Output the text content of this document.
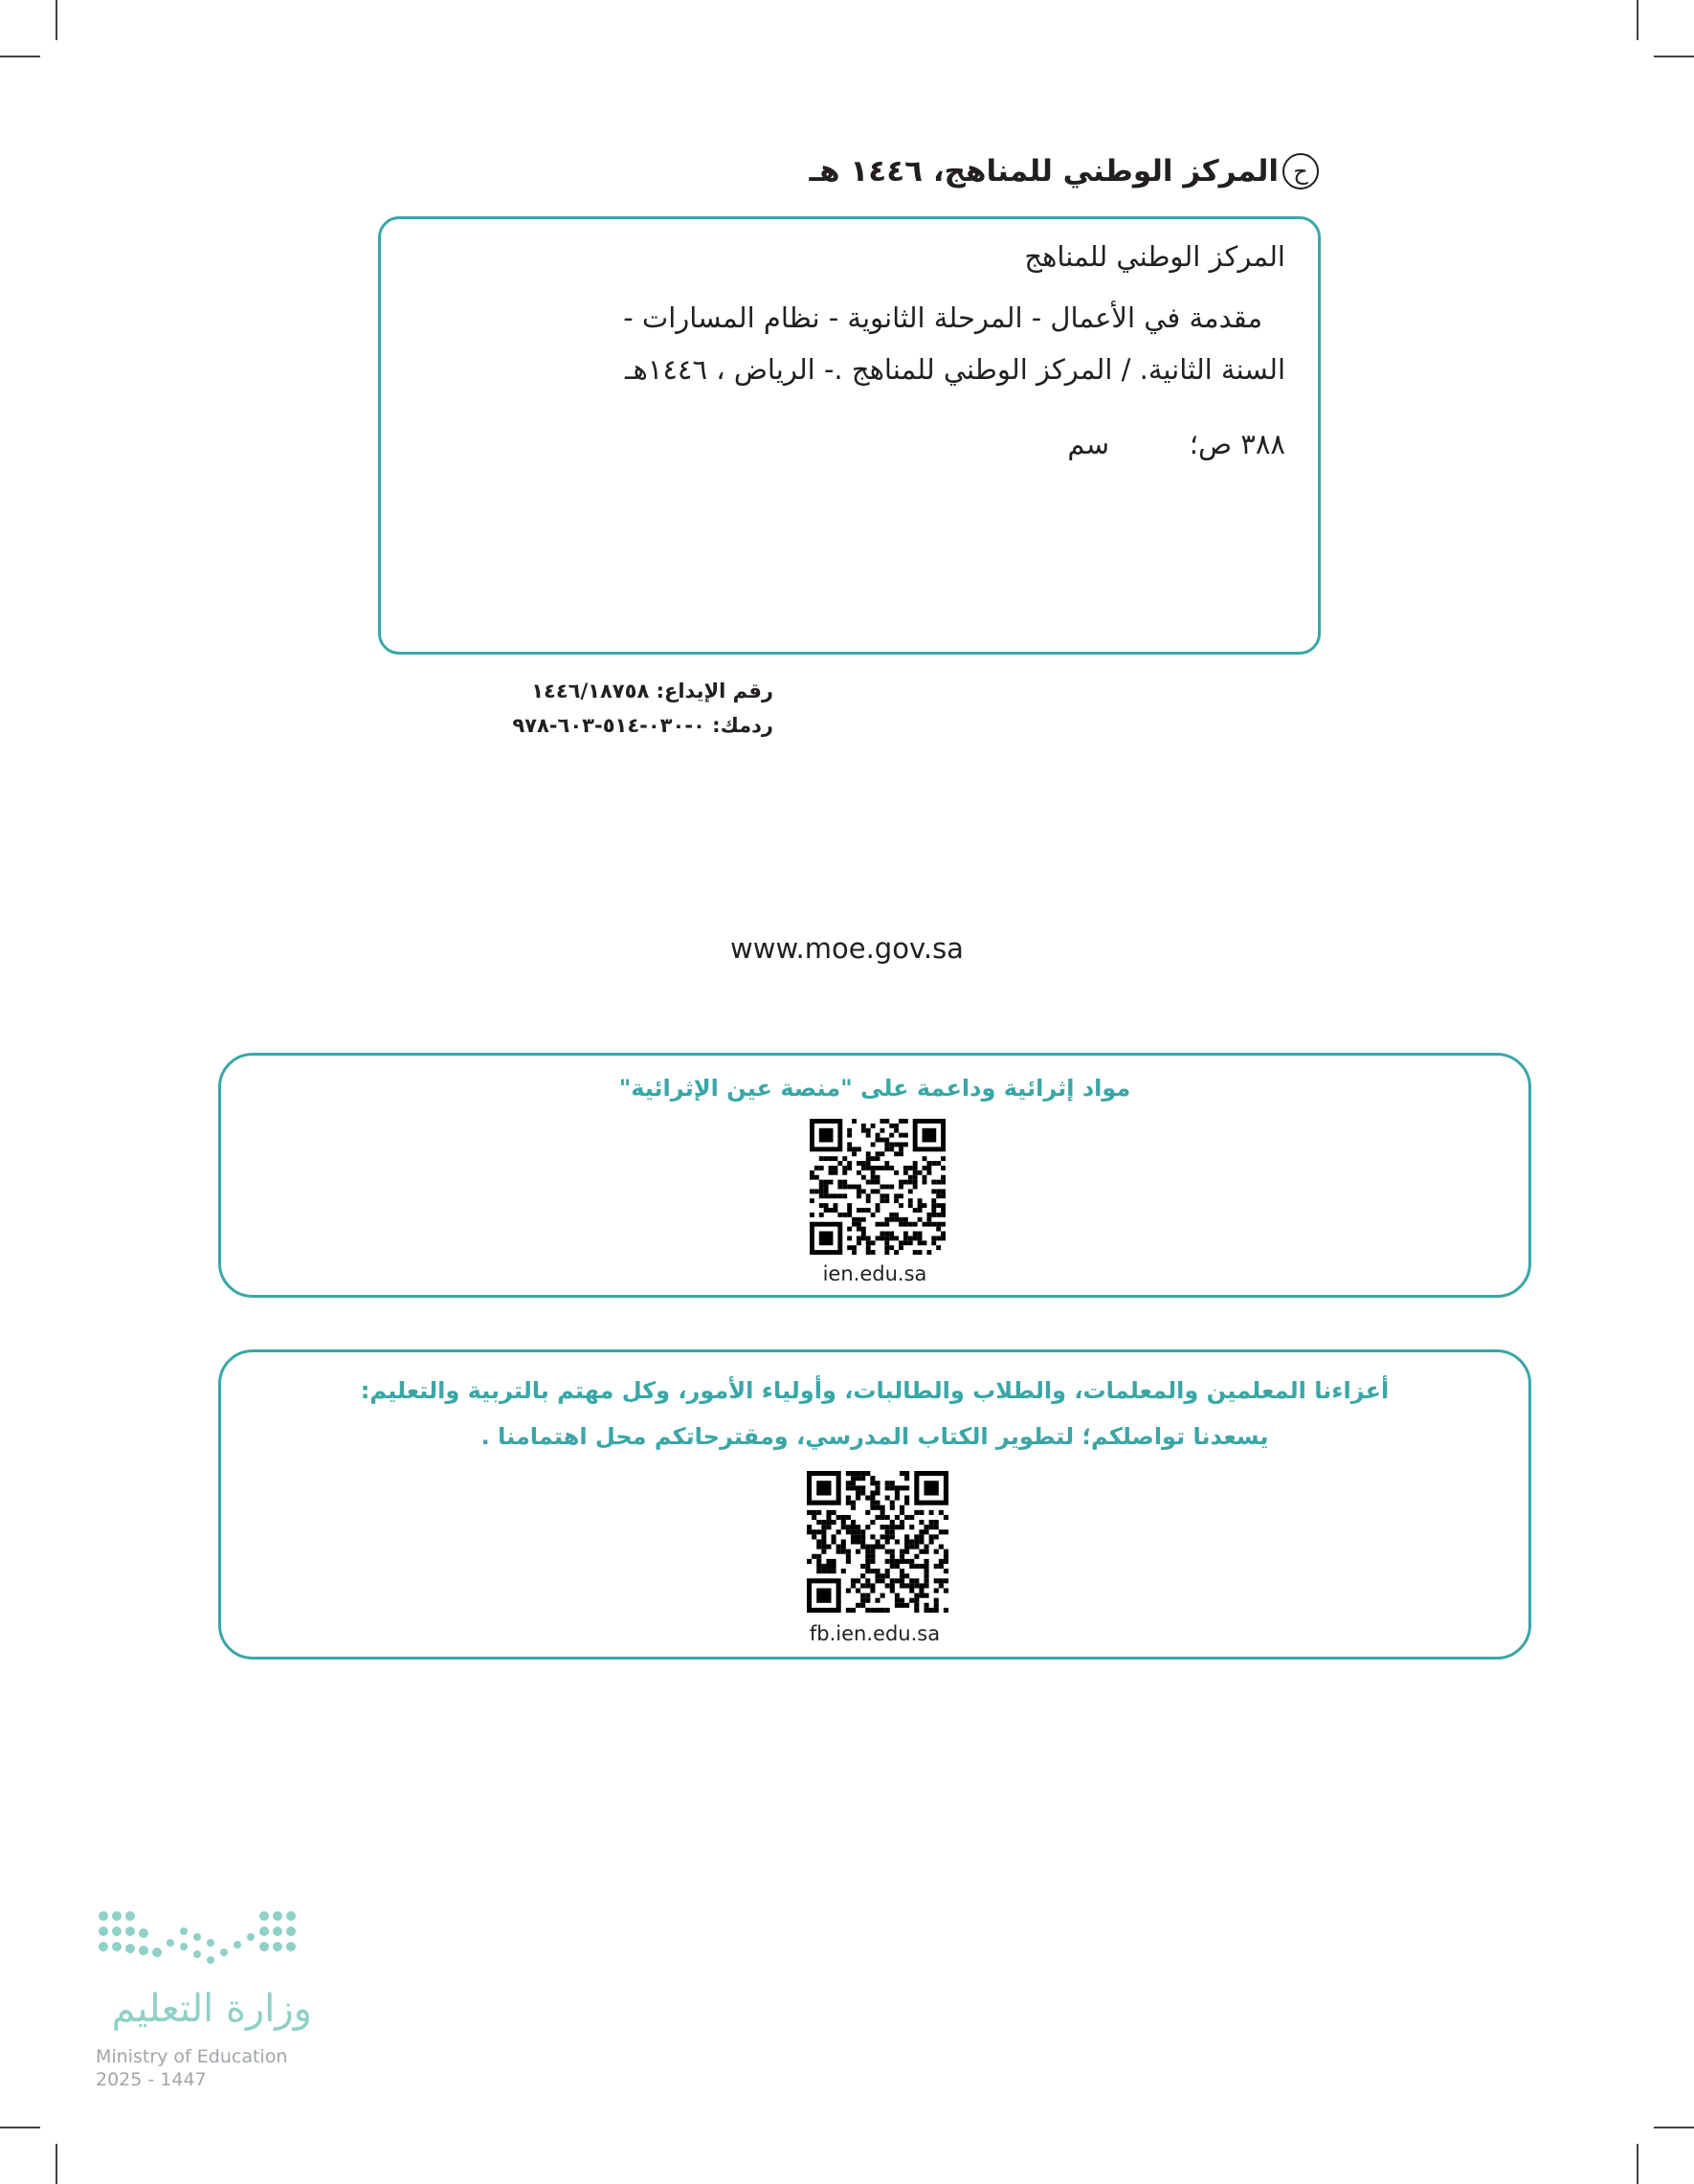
ح
المركز الوطني للمناهج، ١٤٤٦ هـ
المركز الوطني للمناهج
مقدمة في الأعمال - المرحلة الثانوية - نظام المسارات -
السنة الثانية. / المركز الوطني للمناهج .- الرياض ، ١٤٤٦هـ
٣٨٨ ص؛
سم
رقم الإيداع: ١٤٤٦/١٨٧٥٨
ردمك: ٠-٠٣٠-٥١٤-٦٠٣-٩٧٨
www.moe.gov.sa
مواد إثرائية وداعمة على "منصة عين الإثرائية"
ien.edu.sa
أعزاءنا المعلمين والمعلمات، والطلاب والطالبات، وأولياء الأمور، وكل مهتم بالتربية والتعليم:
يسعدنا تواصلكم؛ لتطوير الكتاب المدرسي، ومقترحاتكم محل اهتمامنا .
fb.ien.edu.sa
وزارة التعليم
Ministry of Education
2025 - 1447
